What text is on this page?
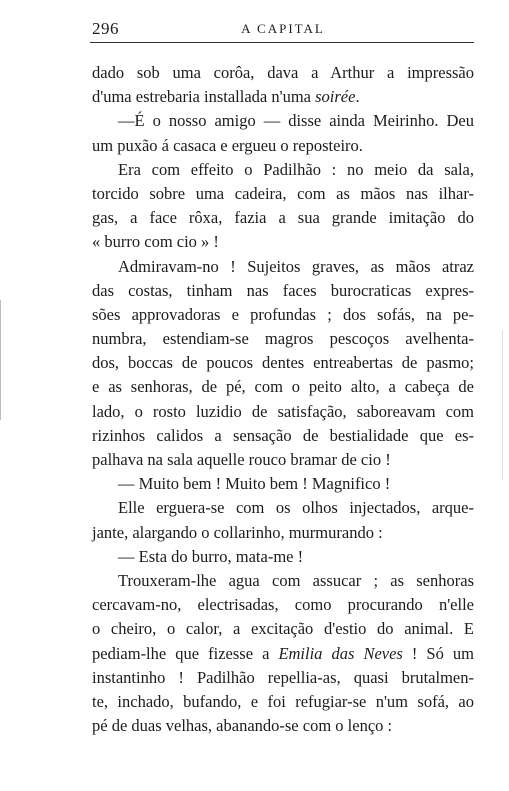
296	A CAPITAL
dado sob uma corôa, dava a Arthur a impressão
d'uma estrebaria installada n'uma soirée.
—É o nosso amigo — disse ainda Meirinho. Deu
um puxão á casaca e ergueu o reposteiro.
Era com effeito o Padilhão : no meio da sala,
torcido sobre uma cadeira, com as mãos nas ilhar-
gas, a face rôxa, fazia a sua grande imitação do
« burro com cio » !
Admiravam-no ! Sujeitos graves, as mãos atraz
das costas, tinham nas faces burocraticas expres-
sões approvadoras e profundas ; dos sofás, na pe-
numbra, estendiam-se magros pescoços avelhenta-
dos, boccas de poucos dentes entreabertas de pasmo;
e as senhoras, de pé, com o peito alto, a cabeça de
lado, o rosto luzidio de satisfação, saboreavam com
rizinhos calidos a sensação de bestialidade que es-
palhava na sala aquelle rouco bramar de cio !
— Muito bem ! Muito bem ! Magnifico !
Elle erguera-se com os olhos injectados, arque-
jante, alargando o collarinho, murmurando :
— Esta do burro, mata-me !
Trouxeram-lhe agua com assucar ; as senhoras
cercavam-no, electrisadas, como procurando n'elle
o cheiro, o calor, a excitação d'estio do animal. E
pediam-lhe que fizesse a Emilia das Neves ! Só um
instantinho ! Padilhão repellia-as, quasi brutalmen-
te, inchado, bufando, e foi refugiar-se n'um sofá, ao
pé de duas velhas, abanando-se com o lenço :
